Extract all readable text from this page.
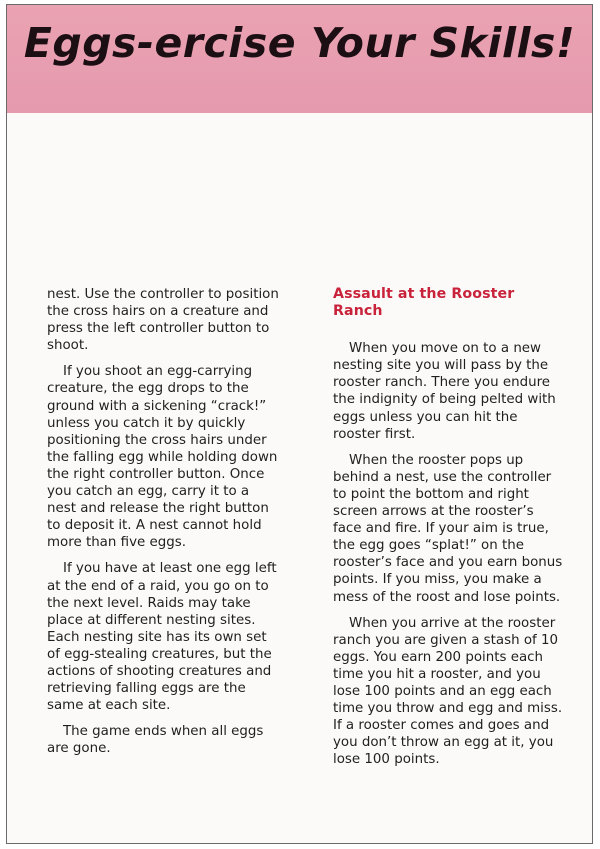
Eggs-ercise Your Skills!

nest. Use the controller to position the cross hairs on a creature and press the left controller button to shoot.

If you shoot an egg-carrying creature, the egg drops to the ground with a sickening “crack!” unless you catch it by quickly positioning the cross hairs under the falling egg while holding down the right controller button. Once you catch an egg, carry it to a nest and release the right button to deposit it. A nest cannot hold more than five eggs.

If you have at least one egg left at the end of a raid, you go on to the next level. Raids may take place at different nesting sites. Each nesting site has its own set of egg-stealing creatures, but the actions of shooting creatures and retrieving falling eggs are the same at each site.

The game ends when all eggs are gone.

Assault at the Rooster Ranch

When you move on to a new nesting site you will pass by the rooster ranch. There you endure the indignity of being pelted with eggs unless you can hit the rooster first.

When the rooster pops up behind a nest, use the controller to point the bottom and right screen arrows at the rooster’s face and fire. If your aim is true, the egg goes “splat!” on the rooster’s face and you earn bonus points. If you miss, you make a mess of the roost and lose points.

When you arrive at the rooster ranch you are given a stash of 10 eggs. You earn 200 points each time you hit a rooster, and you lose 100 points and an egg each time you throw and egg and miss. If a rooster comes and goes and you don’t throw an egg at it, you lose 100 points.
